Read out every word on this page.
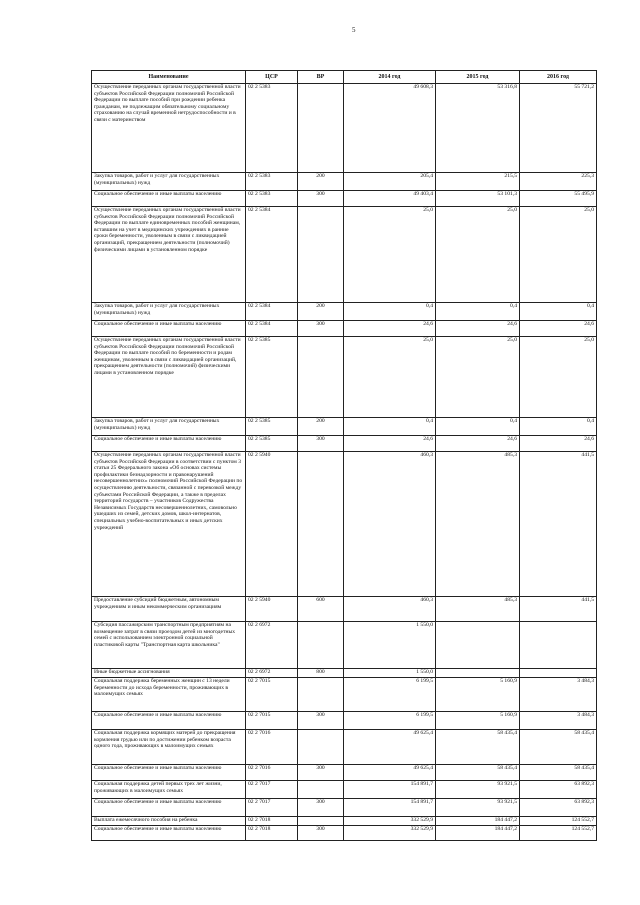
5
Наименование	ЦСР	ВР	2014 год	2015 год	2016 год
Осуществление переданных органам государственной власти субъектов Российской Федерации полномочий Российской Федерации по выплате пособий при рождении ребенка гражданам, не подлежащим обязательному социальному страхованию на случай временной нетрудоспособности и в связи с материнством	02 2 5383		49 608,3	53 316,8	55 721,2
Закупка товаров, работ и услуг для государственных (муниципальных) нужд	02 2 5383	200	205,4	215,5	225,3
Социальное обеспечение и иные выплаты населению	02 2 5383	300	49 403,4	53 101,3	55 495,9
Осуществление переданных органам государственной власти субъектов Российской Федерации полномочий Российской Федерации по выплате единовременных пособий женщинам, вставшим на учет в медицинских учреждениях в ранние сроки беременности, уволенным в связи с ликвидацией организаций, прекращением деятельности (полномочий) физическими лицами в установленном порядке	02 2 5384		25,0	25,0	25,0
Закупка товаров, работ и услуг для государственных (муниципальных) нужд	02 2 5384	200	0,4	0,4	0,4
Социальное обеспечение и иные выплаты населению	02 2 5384	300	24,6	24,6	24,6
Осуществление переданных органам государственной власти субъектов Российской Федерации полномочий Российской Федерации по выплате пособий по беременности и родам женщинам, уволенным в связи с ликвидацией организаций, прекращением деятельности (полномочий) физическими лицами в установленном порядке	02 2 5385		25,0	25,0	25,0
Закупка товаров, работ и услуг для государственных (муниципальных) нужд	02 2 5385	200	0,4	0,4	0,4
Социальное обеспечение и иные выплаты населению	02 2 5385	300	24,6	24,6	24,6
Осуществление переданных органам государственной власти субъектов Российской Федерации в соответствии с пунктом 3 статьи 25 Федерального закона «Об основах системы профилактики безнадзорности и правонарушений несовершеннолетних» полномочий Российской Федерации по осуществлению деятельности, связанной с перевозкой между субъектами Российской Федерации, а также в пределах территорий государств – участников Содружества Независимых Государств несовершеннолетних, самовольно ушедших из семей, детских домов, школ-интернатов, специальных учебно-воспитательных и иных детских учреждений	02 2 5940		460,3	485,3	441,5
Предоставление субсидий бюджетным, автономным учреждениям и иным некоммерческим организациям	02 2 5940	600	460,3	485,3	441,5
Субсидия пассажирским транспортным предприятиям на возмещение затрат в связи проездом детей из многодетных семей с использованием электронной социальной пластиковой карты "Транспортная карта школьника"	02 2 6972		1 550,0		
Иные бюджетные ассигнования	02 2 6972	800	1 550,0		
Социальная поддержка беременных женщин с 13 недели беременности до исхода беременности, проживающих в малоимущих семьях	02 2 7015		6 199,5	5 160,9	3 484,3
Социальное обеспечение и иные выплаты населению	02 2 7015	300	6 199,5	5 160,9	3 484,3
Социальная поддержка кормящих матерей до прекращения кормления грудью или по достижении ребенком возраста одного года, проживающих в малоимущих семьях	02 2 7016		49 625,4	58 435,4	58 435,4
Социальное обеспечение и иные выплаты населению	02 2 7016	300	49 625,4	58 435,4	58 435,4
Социальная поддержка детей первых трех лет жизни, проживающих в малоимущих семьях	02 2 7017		154 891,7	93 921,5	63 892,3
Социальное обеспечение и иные выплаты населению	02 2 7017	300	154 891,7	93 921,5	63 892,3
Выплата ежемесячного пособия на ребенка	02 2 7018		332 529,9	184 447,2	124 552,7
Социальное обеспечение и иные выплаты населению	02 2 7018	300	332 529,9	184 447,2	124 552,7
